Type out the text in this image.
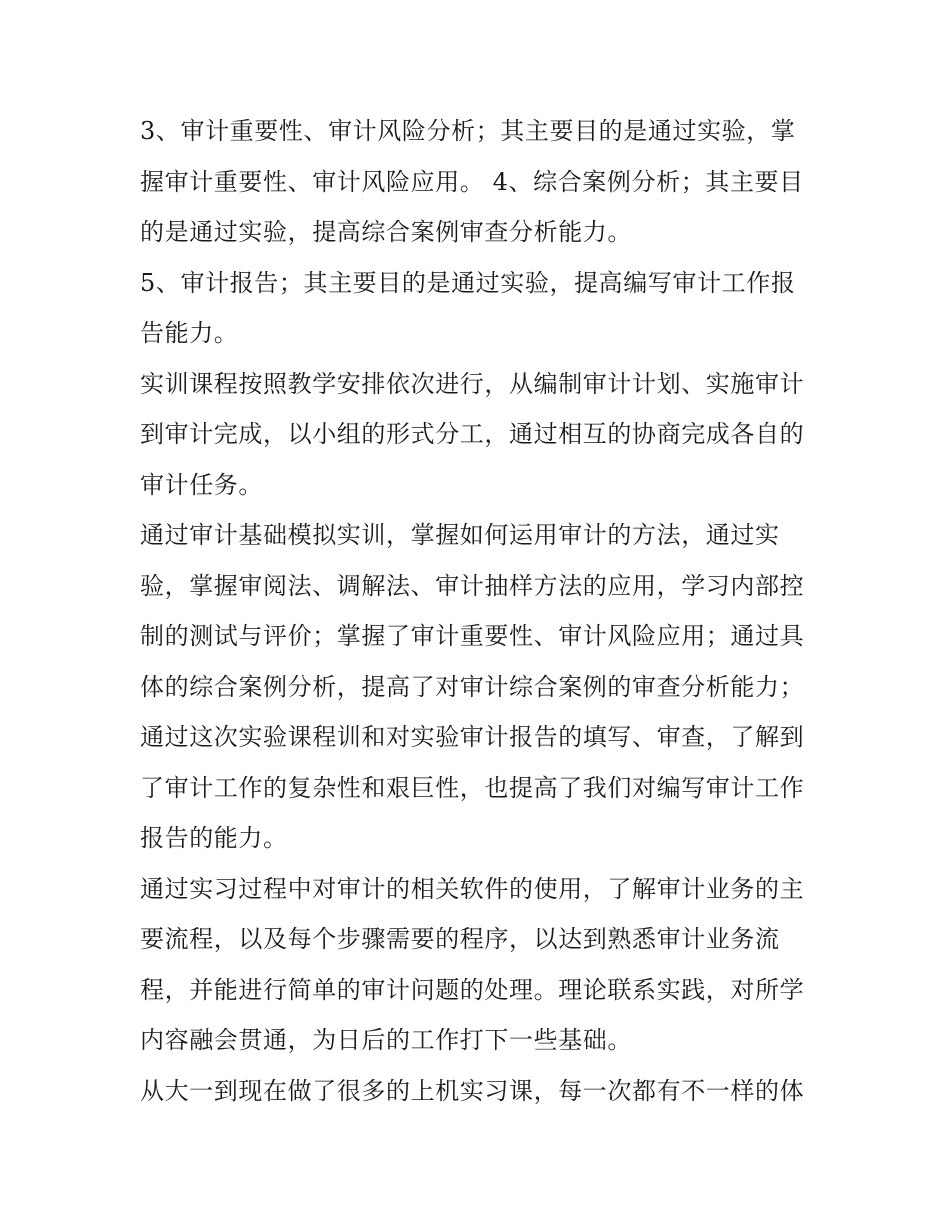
3、审计重要性、审计风险分析；其主要目的是通过实验，掌握审计重要性、审计风险应用。 4、综合案例分析；其主要目的是通过实验，提高综合案例审查分析能力。

5、审计报告；其主要目的是通过实验，提高编写审计工作报告能力。

实训课程按照教学安排依次进行，从编制审计计划、实施审计到审计完成，以小组的形式分工，通过相互的协商完成各自的审计任务。

通过审计基础模拟实训，掌握如何运用审计的方法，通过实验，掌握审阅法、调解法、审计抽样方法的应用，学习内部控制的测试与评价；掌握了审计重要性、审计风险应用；通过具体的综合案例分析，提高了对审计综合案例的审查分析能力；通过这次实验课程训和对实验审计报告的填写、审查，了解到了审计工作的复杂性和艰巨性，也提高了我们对编写审计工作报告的能力。

通过实习过程中对审计的相关软件的使用，了解审计业务的主要流程，以及每个步骤需要的程序，以达到熟悉审计业务流程，并能进行简单的审计问题的处理。理论联系实践，对所学内容融会贯通，为日后的工作打下一些基础。

从大一到现在做了很多的上机实习课，每一次都有不一样的体
